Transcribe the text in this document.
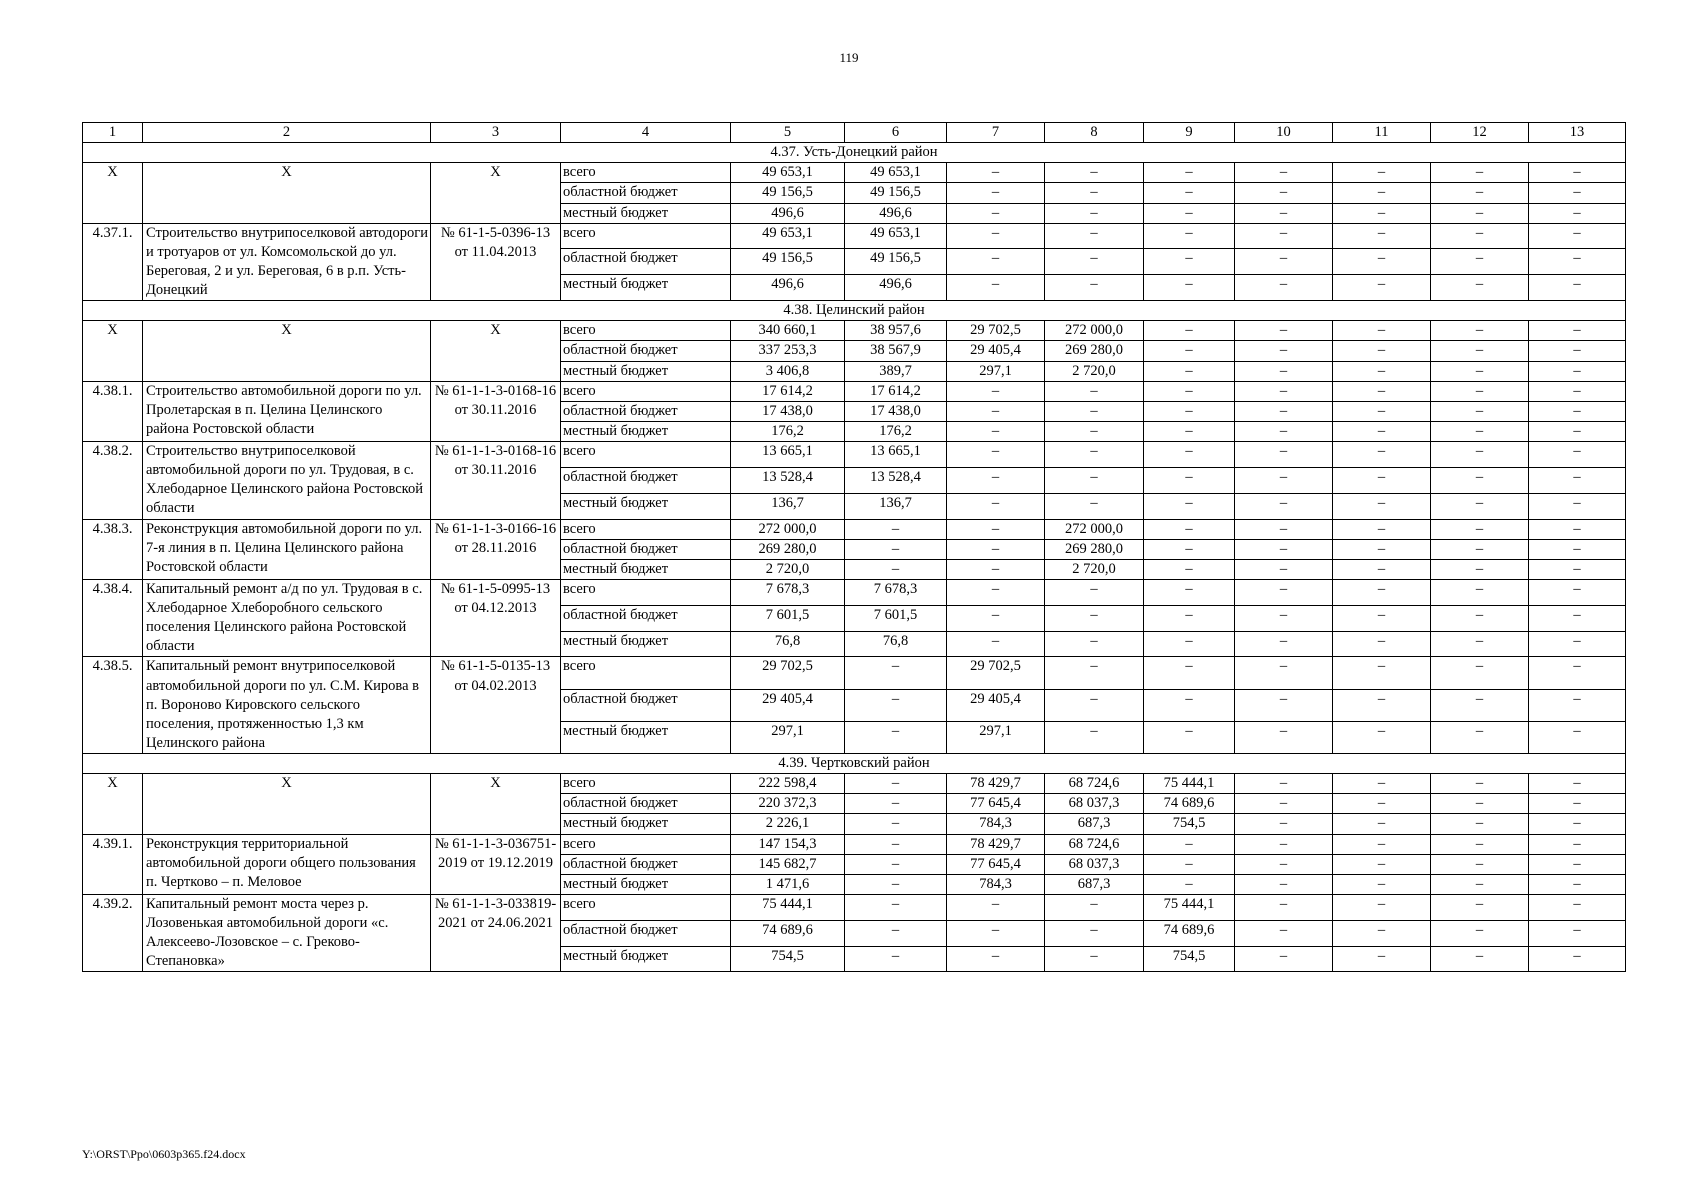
119
1	2	3	4	5	6	7	8	9	10	11	12	13
4.37. Усть-Донецкий район												
Х	Х	Х	всего	49 653,1	49 653,1	–	–	–	–	–	–	–
			областной бюджет	49 156,5	49 156,5	–	–	–	–	–	–	–
			местный бюджет	496,6	496,6	–	–	–	–	–	–	–
4.37.1.	Строительство внутрипоселковой автодороги и тротуаров от ул. Комсомольской до ул. Береговая, 2 и ул. Береговая, 6 в р.п. Усть-Донецкий	№ 61-1-5-0396-13 от 11.04.2013	всего	49 653,1	49 653,1	–	–	–	–	–	–	–
			областной бюджет	49 156,5	49 156,5	–	–	–	–	–	–	–
			местный бюджет	496,6	496,6	–	–	–	–	–	–	–
4.38. Целинский район												
Х	Х	Х	всего	340 660,1	38 957,6	29 702,5	272 000,0	–	–	–	–	–
			областной бюджет	337 253,3	38 567,9	29 405,4	269 280,0	–	–	–	–	–
			местный бюджет	3 406,8	389,7	297,1	2 720,0	–	–	–	–	–
4.38.1.	Строительство автомобильной дороги по ул. Пролетарская в п. Целина Целинского района Ростовской области	№ 61-1-1-3-0168-16 от 30.11.2016	всего	17 614,2	17 614,2	–	–	–	–	–	–	–
			областной бюджет	17 438,0	17 438,0	–	–	–	–	–	–	–
			местный бюджет	176,2	176,2	–	–	–	–	–	–	–
4.38.2.	Строительство внутрипоселковой автомобильной дороги по ул. Трудовая, в с. Хлебодарное Целинского района Ростовской области	№ 61-1-1-3-0168-16 от 30.11.2016	всего	13 665,1	13 665,1	–	–	–	–	–	–	–
			областной бюджет	13 528,4	13 528,4	–	–	–	–	–	–	–
			местный бюджет	136,7	136,7	–	–	–	–	–	–	–
4.38.3.	Реконструкция автомобильной дороги по ул. 7-я линия в п. Целина Целинского района Ростовской области	№ 61-1-1-3-0166-16 от 28.11.2016	всего	272 000,0	–	–	272 000,0	–	–	–	–	–
			областной бюджет	269 280,0	–	–	269 280,0	–	–	–	–	–
			местный бюджет	2 720,0	–	–	2 720,0	–	–	–	–	–
4.38.4.	Капитальный ремонт а/д по ул. Трудовая в с. Хлебодарное Хлеборобного сельского поселения Целинского района Ростовской области	№ 61-1-5-0995-13 от 04.12.2013	всего	7 678,3	7 678,3	–	–	–	–	–	–	–
			областной бюджет	7 601,5	7 601,5	–	–	–	–	–	–	–
			местный бюджет	76,8	76,8	–	–	–	–	–	–	–
4.38.5.	Капитальный ремонт внутрипоселковой автомобильной дороги по ул. С.М. Кирова в п. Вороново Кировского сельского поселения, протяженностью 1,3 км Целинского района	№ 61-1-5-0135-13 от 04.02.2013	всего	29 702,5	–	29 702,5	–	–	–	–	–	–
			областной бюджет	29 405,4	–	29 405,4	–	–	–	–	–	–
			местный бюджет	297,1	–	297,1	–	–	–	–	–	–
4.39. Чертковский район												
Х	Х	Х	всего	222 598,4	–	78 429,7	68 724,6	75 444,1	–	–	–	–
			областной бюджет	220 372,3	–	77 645,4	68 037,3	74 689,6	–	–	–	–
			местный бюджет	2 226,1	–	784,3	687,3	754,5	–	–	–	–
4.39.1.	Реконструкция территориальной автомобильной дороги общего пользования п. Чертково – п. Меловое	№ 61-1-1-3-036751-2019 от 19.12.2019	всего	147 154,3	–	78 429,7	68 724,6	–	–	–	–	–
			областной бюджет	145 682,7	–	77 645,4	68 037,3	–	–	–	–	–
			местный бюджет	1 471,6	–	784,3	687,3	–	–	–	–	–
4.39.2.	Капитальный ремонт моста через р. Лозовенькая автомобильной дороги «с. Алексеево-Лозовское – с. Греково-Степановка»	№ 61-1-1-3-033819-2021 от 24.06.2021	всего	75 444,1	–	–	–	75 444,1	–	–	–	–
			областной бюджет	74 689,6	–	–	–	74 689,6	–	–	–	–
			местный бюджет	754,5	–	–	–	754,5	–	–	–	–
Y:\ORST\Ppo\0603p365.f24.docx
